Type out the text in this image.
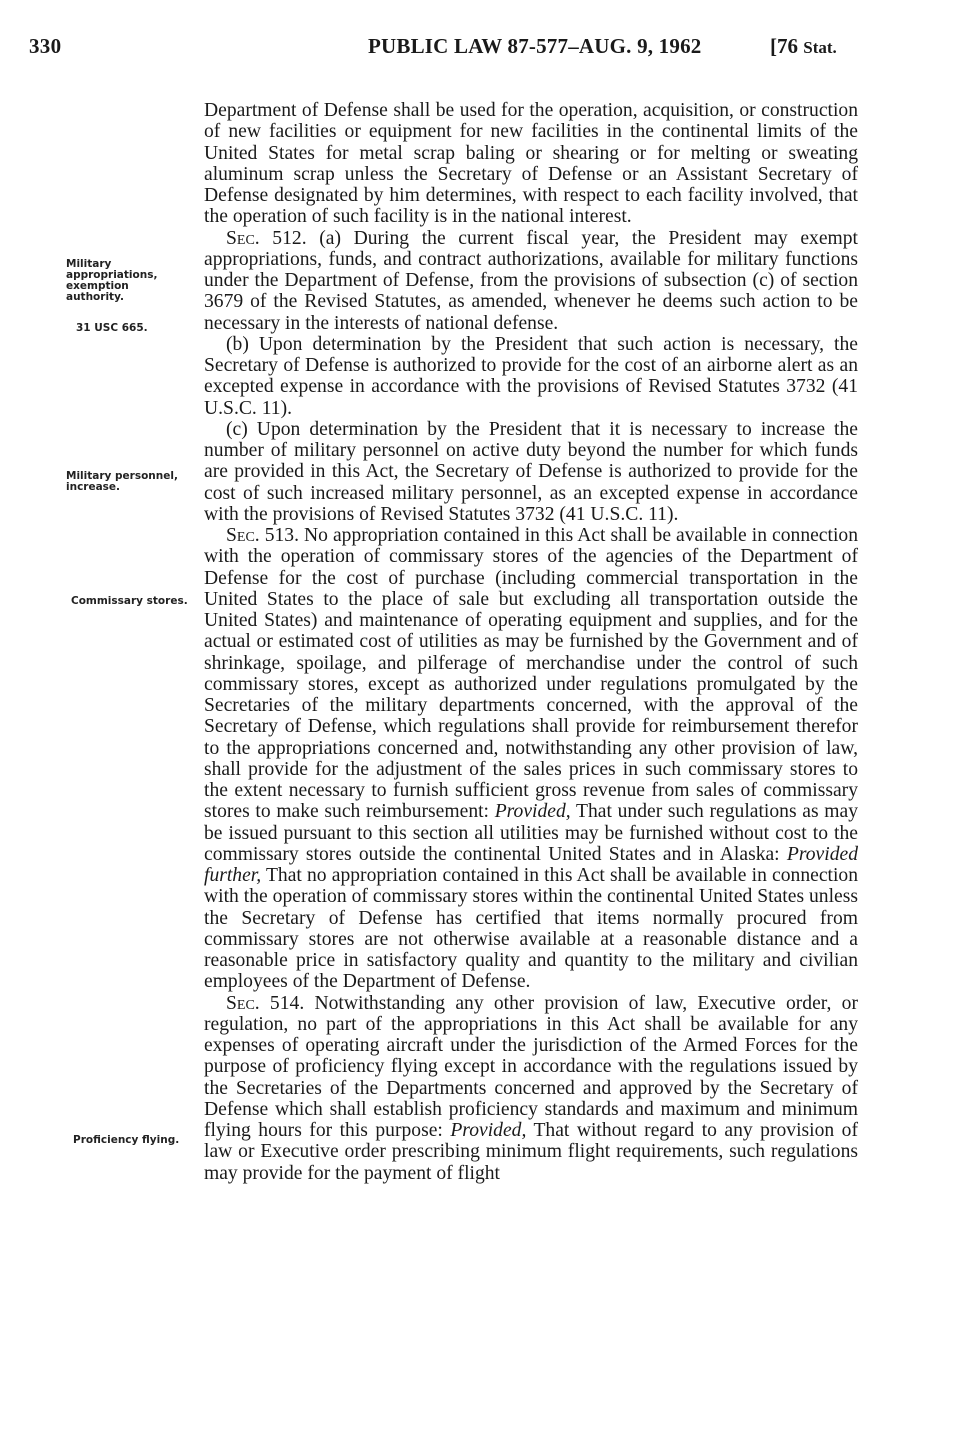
330	PUBLIC LAW 87-577–AUG. 9, 1962	[76 Stat.
Military appropriations, exemption authority.
31 USC 665.
Military personnel, increase.
Commissary stores.
Proficiency flying.

Department of Defense shall be used for the operation, acquisition, or construction of new facilities or equipment for new facilities in the continental limits of the United States for metal scrap baling or shearing or for melting or sweating aluminum scrap unless the Secretary of Defense or an Assistant Secretary of Defense designated by him determines, with respect to each facility involved, that the operation of such facility is in the national interest.

Sec. 512. (a) During the current fiscal year, the President may exempt appropriations, funds, and contract authorizations, available for military functions under the Department of Defense, from the provisions of subsection (c) of section 3679 of the Revised Statutes, as amended, whenever he deems such action to be necessary in the interests of national defense.

(b) Upon determination by the President that such action is necessary, the Secretary of Defense is authorized to provide for the cost of an airborne alert as an excepted expense in accordance with the provisions of Revised Statutes 3732 (41 U.S.C. 11).

(c) Upon determination by the President that it is necessary to increase the number of military personnel on active duty beyond the number for which funds are provided in this Act, the Secretary of Defense is authorized to provide for the cost of such increased military personnel, as an excepted expense in accordance with the provisions of Revised Statutes 3732 (41 U.S.C. 11).

Sec. 513. No appropriation contained in this Act shall be available in connection with the operation of commissary stores of the agencies of the Department of Defense for the cost of purchase (including commercial transportation in the United States to the place of sale but excluding all transportation outside the United States) and maintenance of operating equipment and supplies, and for the actual or estimated cost of utilities as may be furnished by the Government and of shrinkage, spoilage, and pilferage of merchandise under the control of such commissary stores, except as authorized under regulations promulgated by the Secretaries of the military departments concerned, with the approval of the Secretary of Defense, which regulations shall provide for reimbursement therefor to the appropriations concerned and, notwithstanding any other provision of law, shall provide for the adjustment of the sales prices in such commissary stores to the extent necessary to furnish sufficient gross revenue from sales of commissary stores to make such reimbursement: Provided, That under such regulations as may be issued pursuant to this section all utilities may be furnished without cost to the commissary stores outside the continental United States and in Alaska: Provided further, That no appropriation contained in this Act shall be available in connection with the operation of commissary stores within the continental United States unless the Secretary of Defense has certified that items normally procured from commissary stores are not otherwise available at a reasonable distance and a reasonable price in satisfactory quality and quantity to the military and civilian employees of the Department of Defense.

Sec. 514. Notwithstanding any other provision of law, Executive order, or regulation, no part of the appropriations in this Act shall be available for any expenses of operating aircraft under the jurisdiction of the Armed Forces for the purpose of proficiency flying except in accordance with the regulations issued by the Secretaries of the Departments concerned and approved by the Secretary of Defense which shall establish proficiency standards and maximum and minimum flying hours for this purpose: Provided, That without regard to any provision of law or Executive order prescribing minimum flight requirements, such regulations may provide for the payment of flight
